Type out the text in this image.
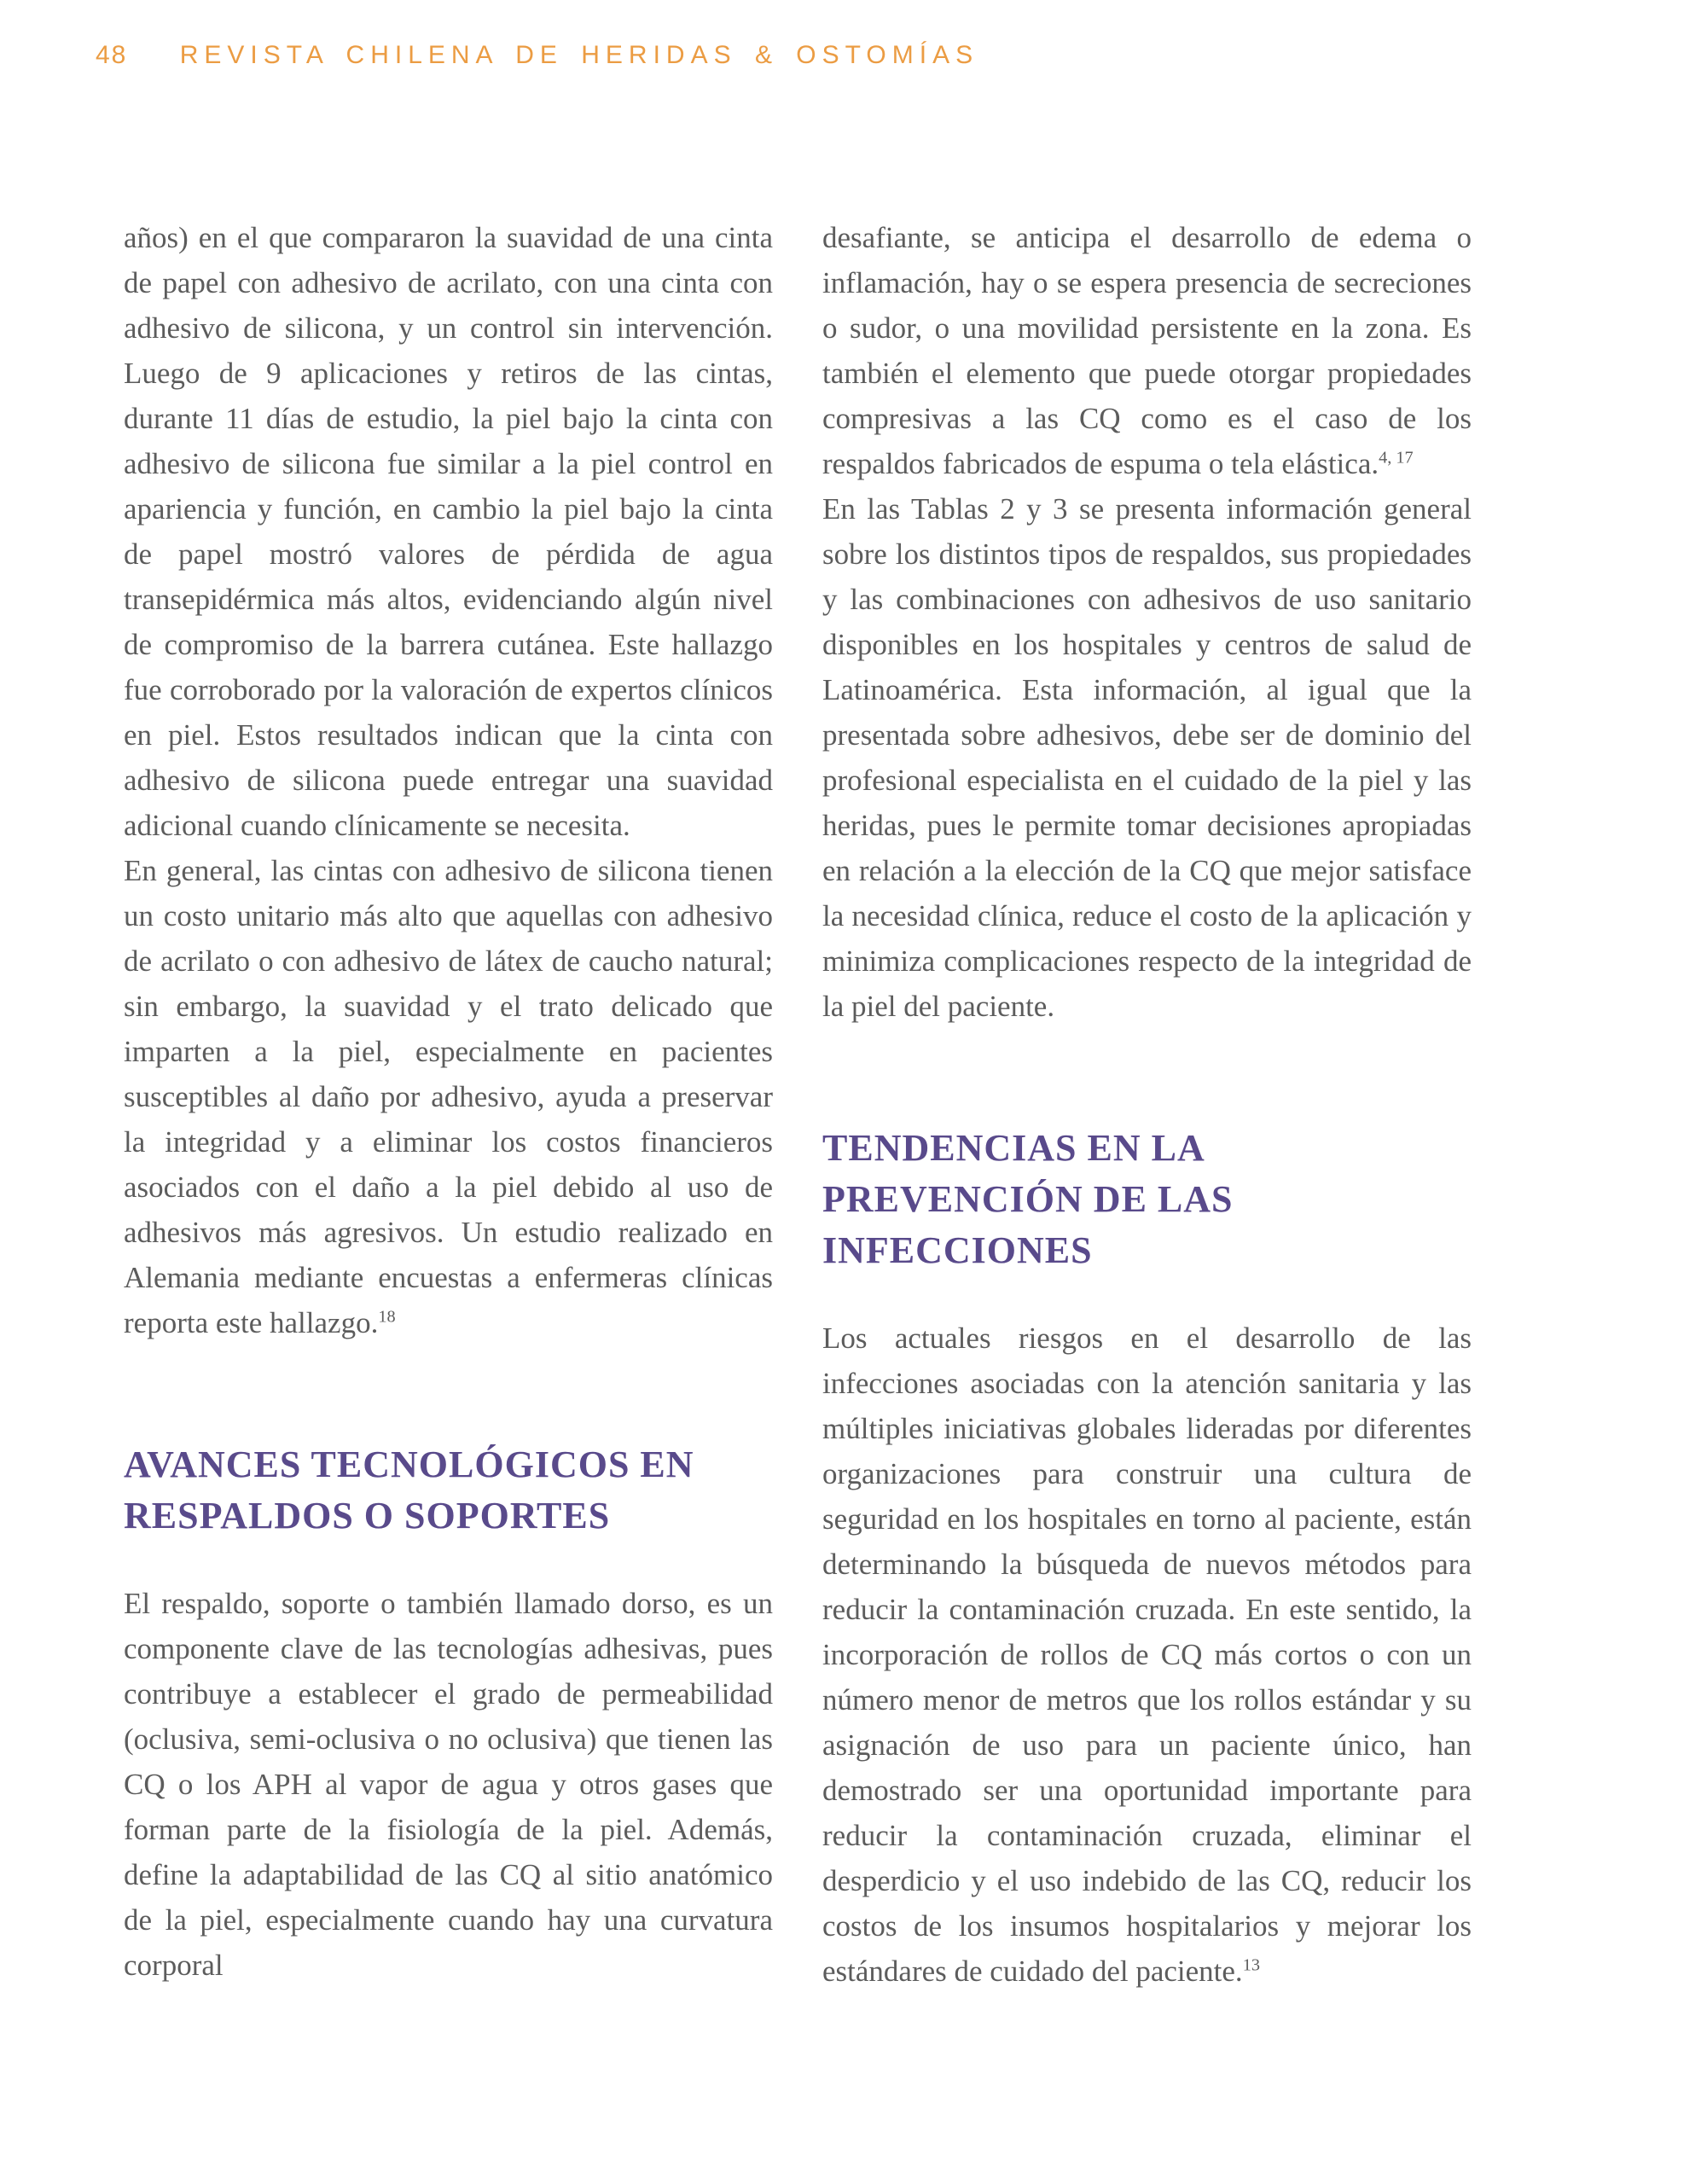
48 REVISTA CHILENA DE HERIDAS & OSTOMÍAS

años) en el que compararon la suavidad de una cinta de papel con adhesivo de acrilato, con una cinta con adhesivo de silicona, y un control sin intervención. Luego de 9 aplicaciones y retiros de las cintas, durante 11 días de estudio, la piel bajo la cinta con adhesivo de silicona fue similar a la piel control en apariencia y función, en cambio la piel bajo la cinta de papel mostró valores de pérdida de agua transepidérmica más altos, evidenciando algún nivel de compromiso de la barrera cutánea. Este hallazgo fue corroborado por la valoración de expertos clínicos en piel. Estos resultados indican que la cinta con adhesivo de silicona puede entregar una suavidad adicional cuando clínicamente se necesita.

En general, las cintas con adhesivo de silicona tienen un costo unitario más alto que aquellas con adhesivo de acrilato o con adhesivo de látex de caucho natural; sin embargo, la suavidad y el trato delicado que imparten a la piel, especialmente en pacientes susceptibles al daño por adhesivo, ayuda a preservar la integridad y a eliminar los costos financieros asociados con el daño a la piel debido al uso de adhesivos más agresivos. Un estudio realizado en Alemania mediante encuestas a enfermeras clínicas reporta este hallazgo.$^{18}$

AVANCES TECNOLÓGICOS EN RESPALDOS O SOPORTES

El respaldo, soporte o también llamado dorso, es un componente clave de las tecnologías adhesivas, pues contribuye a establecer el grado de permeabilidad (oclusiva, semi-oclusiva o no oclusiva) que tienen las CQ o los APH al vapor de agua y otros gases que forman parte de la fisiología de la piel. Además, define la adaptabilidad de las CQ al sitio anatómico de la piel, especialmente cuando hay una curvatura corporal

desafiante, se anticipa el desarrollo de edema o inflamación, hay o se espera presencia de secreciones o sudor, o una movilidad persistente en la zona. Es también el elemento que puede otorgar propiedades compresivas a las CQ como es el caso de los respaldos fabricados de espuma o tela elástica.$^{4, 17}$

En las Tablas 2 y 3 se presenta información general sobre los distintos tipos de respaldos, sus propiedades y las combinaciones con adhesivos de uso sanitario disponibles en los hospitales y centros de salud de Latinoamérica. Esta información, al igual que la presentada sobre adhesivos, debe ser de dominio del profesional especialista en el cuidado de la piel y las heridas, pues le permite tomar decisiones apropiadas en relación a la elección de la CQ que mejor satisface la necesidad clínica, reduce el costo de la aplicación y minimiza complicaciones respecto de la integridad de la piel del paciente.

TENDENCIAS EN LA PREVENCIÓN DE LAS INFECCIONES

Los actuales riesgos en el desarrollo de las infecciones asociadas con la atención sanitaria y las múltiples iniciativas globales lideradas por diferentes organizaciones para construir una cultura de seguridad en los hospitales en torno al paciente, están determinando la búsqueda de nuevos métodos para reducir la contaminación cruzada. En este sentido, la incorporación de rollos de CQ más cortos o con un número menor de metros que los rollos estándar y su asignación de uso para un paciente único, han demostrado ser una oportunidad importante para reducir la contaminación cruzada, eliminar el desperdicio y el uso indebido de las CQ, reducir los costos de los insumos hospitalarios y mejorar los estándares de cuidado del paciente.$^{13}$
